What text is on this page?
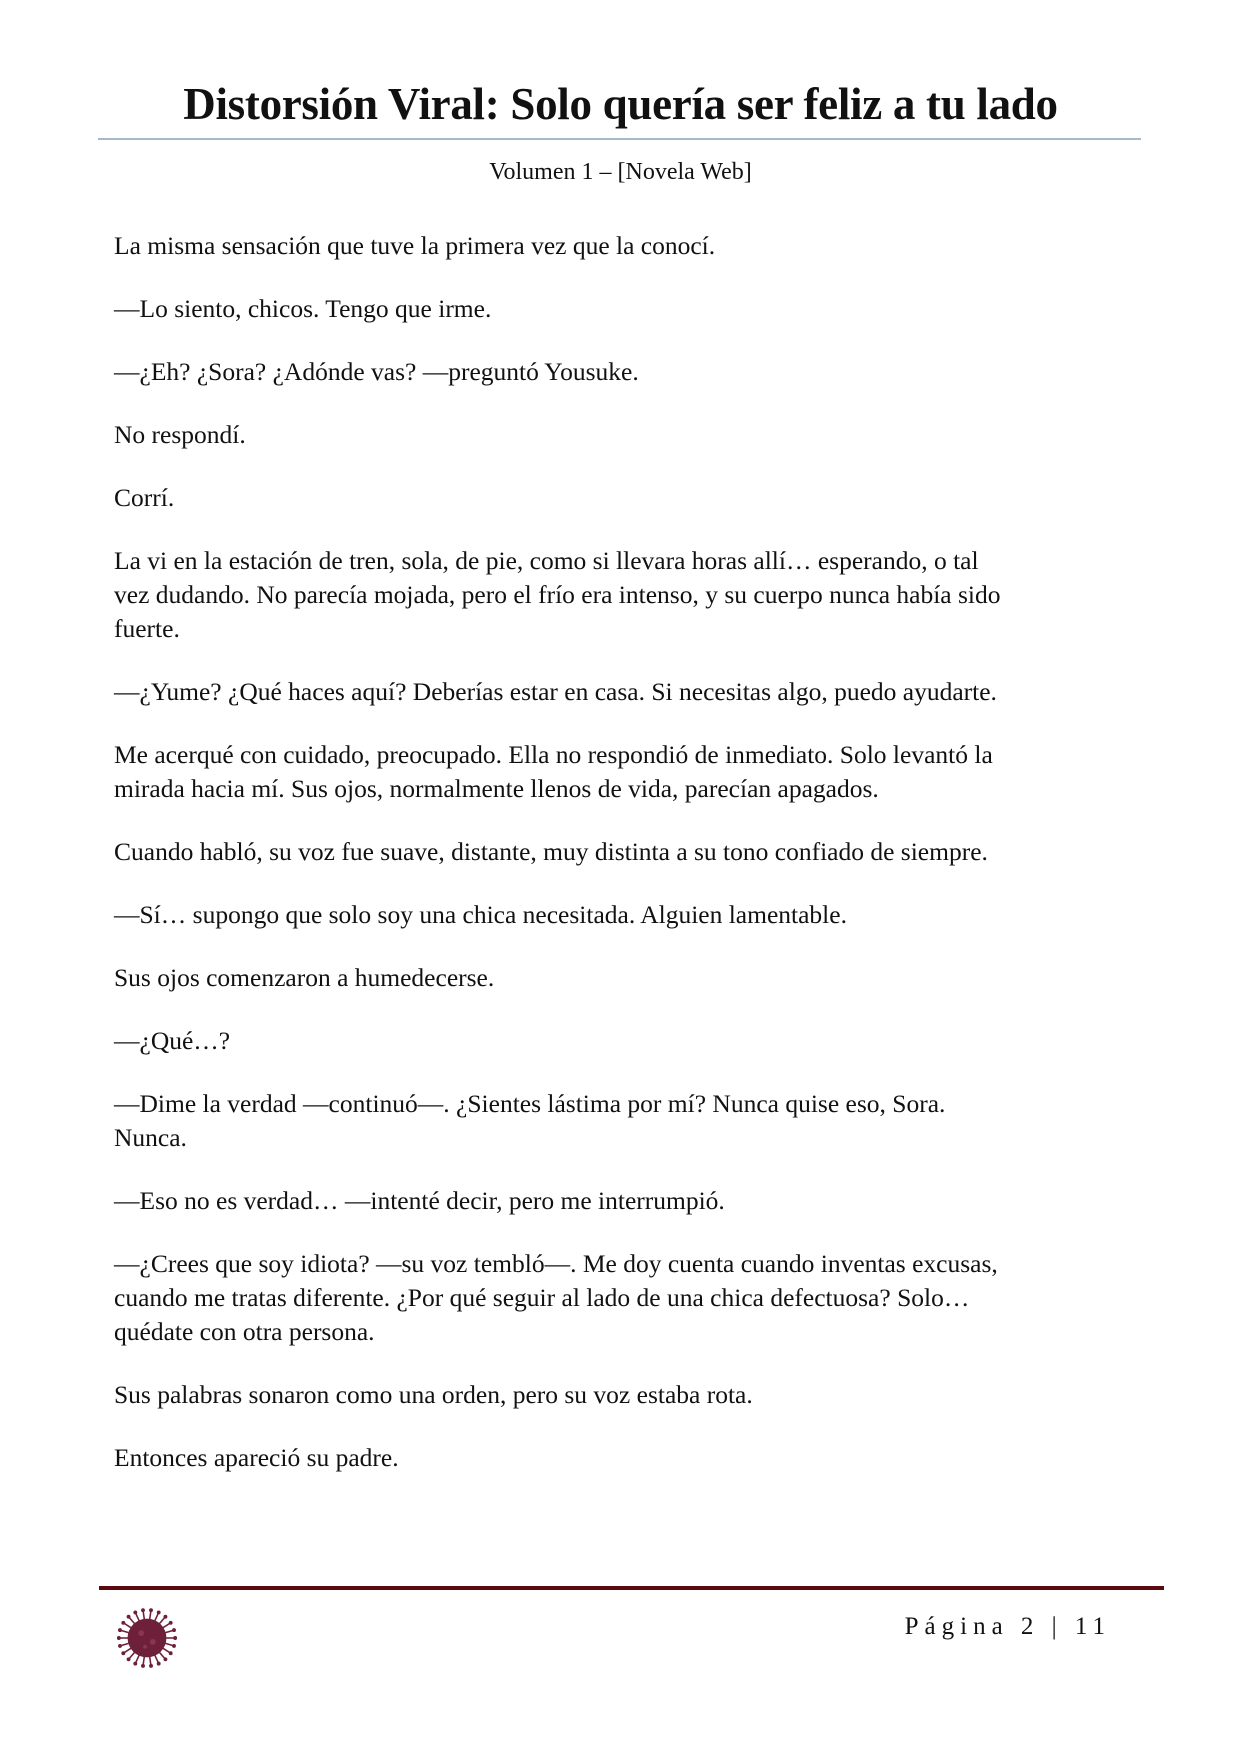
Distorsión Viral: Solo quería ser feliz a tu lado
Volumen 1 – [Novela Web]

La misma sensación que tuve la primera vez que la conocí.

—Lo siento, chicos. Tengo que irme.

—¿Eh? ¿Sora? ¿Adónde vas? —preguntó Yousuke.

No respondí.

Corrí.

La vi en la estación de tren, sola, de pie, como si llevara horas allí… esperando, o tal
vez dudando. No parecía mojada, pero el frío era intenso, y su cuerpo nunca había sido
fuerte.

—¿Yume? ¿Qué haces aquí? Deberías estar en casa. Si necesitas algo, puedo ayudarte.

Me acerqué con cuidado, preocupado. Ella no respondió de inmediato. Solo levantó la
mirada hacia mí. Sus ojos, normalmente llenos de vida, parecían apagados.

Cuando habló, su voz fue suave, distante, muy distinta a su tono confiado de siempre.

—Sí… supongo que solo soy una chica necesitada. Alguien lamentable.

Sus ojos comenzaron a humedecerse.

—¿Qué…?

—Dime la verdad —continuó—. ¿Sientes lástima por mí? Nunca quise eso, Sora.
Nunca.

—Eso no es verdad… —intenté decir, pero me interrumpió.

—¿Crees que soy idiota? —su voz tembló—. Me doy cuenta cuando inventas excusas,
cuando me tratas diferente. ¿Por qué seguir al lado de una chica defectuosa? Solo…
quédate con otra persona.

Sus palabras sonaron como una orden, pero su voz estaba rota.

Entonces apareció su padre.

Página 2 | 11
